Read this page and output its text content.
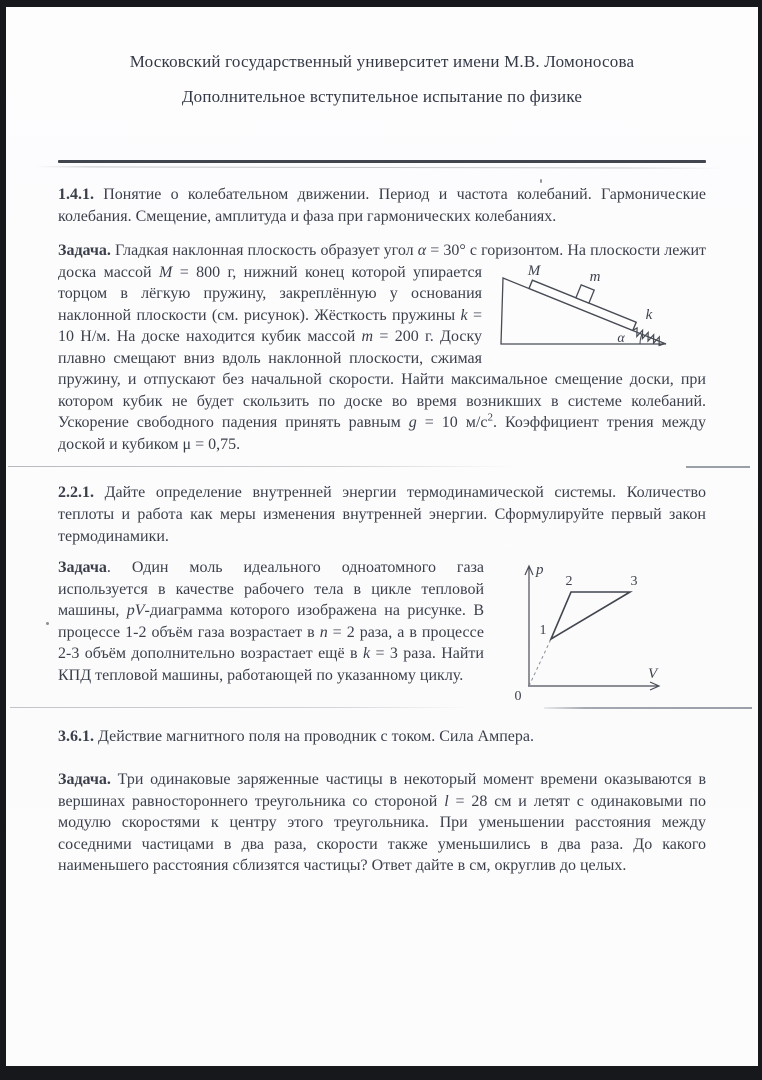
Московский государственный университет имени М.В. Ломоносова
Дополнительное вступительное испытание по физике

1.4.1. Понятие о колебательном движении. Период и частота колебаний. Гармонические колебания. Смещение, амплитуда и фаза при гармонических колебаниях.

Задача. Гладкая наклонная плоскость образует угол α = 30° с горизонтом. На плоскости лежит
M	m
k
α
доска массой M = 800 г, нижний конец которой упирается торцом в лёгкую пружину, закреплённую у основания наклонной плоскости (см. рисунок). Жёсткость пружины k = 10 Н/м. На доске находится кубик массой m = 200 г. Доску плавно смещают вниз вдоль наклонной плоскости, сжимая пружину, и отпускают без начальной скорости. Найти максимальное смещение доски, при котором кубик не будет скользить по доске во время возникших в системе колебаний. Ускорение свободного падения принять равным g = 10 $м/с^2$. Коэффициент трения между доской и кубиком μ = 0,75.

2.2.1. Дайте определение внутренней энергии термодинамической системы. Количество теплоты и работа как меры изменения внутренней энергии. Сформулируйте первый закон термодинамики.

p
V
0
1
2	3
Задача. Один моль идеального одноатомного газа используется в качестве рабочего тела в цикле тепловой машины, pV-диаграмма которого изображена на рисунке. В процессе 1-2 объём газа возрастает в n = 2 раза, а в процессе 2-3 объём дополнительно возрастает ещё в k = 3 раза. Найти КПД тепловой машины, работающей по указанному циклу.

3.6.1. Действие магнитного поля на проводник с током. Сила Ампера.

Задача. Три одинаковые заряженные частицы в некоторый момент времени оказываются в вершинах равностороннего треугольника со стороной l = 28 см и летят с одинаковыми по модулю скоростями к центру этого треугольника. При уменьшении расстояния между соседними частицами в два раза, скорости также уменьшились в два раза. До какого наименьшего расстояния сблизятся частицы? Ответ дайте в см, округлив до целых.
